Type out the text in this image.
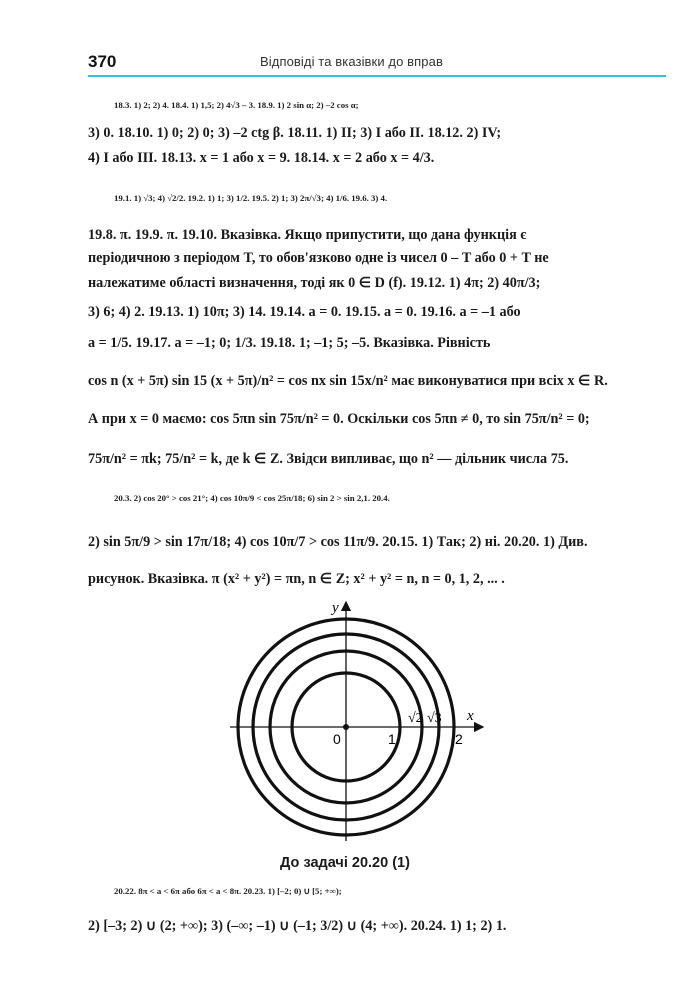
370	Відповіді та вказівки до вправ
18.3. 1) 2; 2) 4. 18.4. 1) 1,5; 2) 4√3 – 3. 18.9. 1) 2 sin α; 2) –2 cos α;
3) 0. 18.10. 1) 0; 2) 0; 3) –2 ctg β. 18.11. 1) II; 3) I або II. 18.12. 2) IV;
4) I або III. 18.13. x = 1 або x = 9. 18.14. x = 2 або x = 4/3.
19.1. 1) √3; 4) √2/2. 19.2. 1) 1; 3) 1/2. 19.5. 2) 1; 3) 2π/√3; 4) 1/6. 19.6. 3) 4.
19.8. π. 19.9. π. 19.10. Вказівка. Якщо припустити, що дана функція є
періодичною з періодом T, то обов'язково одне із чисел 0 – T або 0 + T не
належатиме області визначення, тоді як 0 ∈ D (f). 19.12. 1) 4π; 2) 40π/3;
3) 6; 4) 2. 19.13. 1) 10π; 3) 14. 19.14. a = 0. 19.15. a = 0. 19.16. a = –1 або
a = 1/5. 19.17. a = –1; 0; 1/3. 19.18. 1; –1; 5; –5. Вказівка. Рівність
cos n (x + 5π) sin 15 (x + 5π)/n² = cos nx sin 15x/n² має виконуватися при всіх x ∈ R.
А при x = 0 маємо: cos 5πn sin 75π/n² = 0. Оскільки cos 5πn ≠ 0, то sin 75π/n² = 0;
75π/n² = πk; 75/n² = k, де k ∈ Z. Звідси випливає, що n² — дільник числа 75.
20.3. 2) cos 20° > cos 21°; 4) cos 10π/9 < cos 25π/18; 6) sin 2 > sin 2,1. 20.4.
2) sin 5π/9 > sin 17π/18; 4) cos 10π/7 > cos 11π/9. 20.15. 1) Так; 2) ні. 20.20. 1) Див.
рисунок. Вказівка. π (x² + y²) = πn, n ∈ Z; x² + y² = n, n = 0, 1, 2, ... .
y
x
0	1
√2 √3
2
До задачі 20.20 (1)
20.22. 8π < a < 6π або 6π < a < 8π. 20.23. 1) [–2; 0) ∪ [5; +∞);
2) [–3; 2) ∪ (2; +∞); 3) (–∞; –1) ∪ (–1; 3/2) ∪ (4; +∞). 20.24. 1) 1; 2) 1.
